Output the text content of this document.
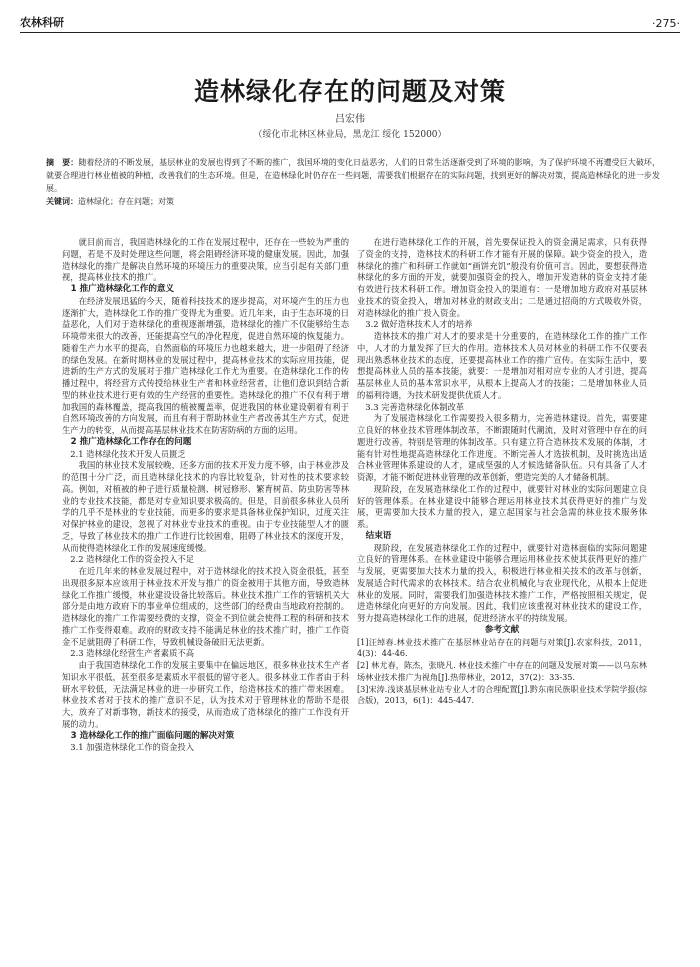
农林科研	·275·
造林绿化存在的问题及对策
吕宏伟
（绥化市北林区林业局，黑龙江 绥化 152000）
摘　要：随着经济的不断发展，基层林业的发展也得到了不断的推广，我国环境的变化日益恶劣，人们的日常生活逐渐受到了环境的影响，为了保护环境不再遭受巨大破坏，就要合理进行林业植被的种植，改善我们的生态环境。但是，在造林绿化时仍存在一些问题，需要我们根据存在的实际问题，找到更好的解决对策，提高造林绿化的进一步发展。
关键词：造林绿化；存在问题；对策

就目前而言，我国造林绿化的工作在发展过程中，还存在一些较为严重的问题，若是不及时处理这些问题，将会阻碍经济环境的健康发展。因此，加强造林绿化的推广是解决自然环境的环境压力的重要决策，应当引起有关部门重视，提高林业技术的推广。

1 推广造林绿化工作的意义

在经济发展迅猛的今天，随着科技技术的逐步提高，对环境产生的压力也逐渐扩大，造林绿化工作的推广变得尤为重要。近几年来，由于生态环境的日益恶化，人们对于造林绿化的重视逐渐增强，造林绿化的推广不仅能够给生态环境带来很大的改善，还能提高空气的净化程度，促进自然环境的恢复能力。随着生产力水平的提高，自然面临的环境压力也越来越大，进一步阻碍了经济的绿色发展。在新时期林业的发展过程中，提高林业技术的实际应用技能，促进新的生产方式的发展对于推广造林绿化工作尤为重要。在造林绿化工作的传播过程中，将经营方式传授给林业生产者和林业经营者，让他们意识到结合新型的林业技术进行更有效的生产经营的重要性。造林绿化的推广不仅有利于增加我国的森林覆盖，提高我国的植被覆盖率，促进我国的林业建设朝着有利于自然环境改善的方向发展，而且有利于帮助林业生产者改善其生产方式，促进生产力的转变，从而提高基层林业技术在防害防病的方面的运用。

2 推广造林绿化工作存在的问题
2.1 造林绿化技术开发人员匮乏

我国的林业技术发展较晚，还多方面的技术开发力度不够，由于林业涉及的范围十分广泛，而且造林绿化技术的内容比较复杂，针对性的技术要求较高。例如，对植被的种子进行质量检测、树冠修形、繁育树苗、防虫防害等林业的专业技术技能，都是对专业知识要求极高的。但是，目前很多林业人员所学的几乎不是林业的专业技能，而更多的要求是具备林业保护知识，过度关注对保护林业的建设，忽视了对林业专业技术的重视。由于专业技能型人才的匮乏，导致了林业技术的推广工作进行比较困难，阻碍了林业技术的深度开发，从而使得造林绿化工作的发展速度缓慢。

2.2 造林绿化工作的资金投入不足

在近几年来的林业发展过程中，对于造林绿化的技术投入资金很低，甚至出现很多原本应该用于林业技术开发与推广的资金被用于其他方面，导致造林绿化工作推广缓慢，林业建设设备比较落后。林业技术推广工作的管辖机关大部分是由地方政府下的事业单位组成的，这些部门的经费由当地政府控制的。造林绿化的推广工作需要经费的支撑，资金不到位就会使得工程的科研和技术推广工作变得艰难。政府的财政支持不能满足林业的技术推广时，推广工作资金不足就阻碍了科研工作，导致机械设备破旧无法更新。

2.3 造林绿化经营生产者素质不高

由于我国造林绿化工作的发展主要集中在偏远地区，很多林业技术生产者知识水平很低，甚至很多是素质水平很低的留守老人。很多林业工作者由于科研水平较低，无法满足林业的进一步研究工作，给造林技术的推广带来困难。林业技术者对于技术的推广意识不足，认为技术对于管理林业的帮助不是很大，放弃了对新事物，新技术的接受，从而造成了造林绿化的推广工作没有开展的动力。

3 造林绿化工作的推广面临问题的解决对策
3.1 加强造林绿化工作的资金投入

在进行造林绿化工作的开展，首先要保证投入的资金满足需求，只有获得了资金的支持，造林技术的科研工作才能有开展的保障。缺少资金的投入，造林绿化的推广和科研工作就如“画饼充饥”般没有价值可言。因此，要想获得造林绿化的多方面的开发，就要加强资金的投入，增加开发造林的资金支持才能有效进行技术科研工作。增加资金投入的渠道有：一是增加地方政府对基层林业技术的资金投入，增加对林业的财政支出；二是通过招商的方式吸收外资，对造林绿化的推广投入资金。

3.2 做好造林技术人才的培养

造林技术的推广对人才的要求是十分重要的，在造林绿化工作的推广工作中，人才的力量发挥了巨大的作用。造林技术人员对林业的科研工作不仅要表现出熟悉林业技术的态度，还要提高林业工作的推广宣传。在实际生活中，要想提高林业人员的基本技能，就要：一是增加对相对应专业的人才引进，提高基层林业人员的基本常识水平，从根本上提高人才的技能；二是增加林业人员的福利待遇，为技术研发提供优质人才。

3.3 完善造林绿化体制改革

为了发展造林绿化工作需要投入很多精力，完善造林建设。首先，需要建立良好的林业技术管理体制改革，不断跟随时代潮流，及时对管理中存在的问题进行改善，特别是管理的体制改革。只有建立符合造林技术发展的体制，才能有针对性地提高造林绿化工作进度。不断完善人才选拔机制，及时挑选出适合林业管理体系建设的人才，建成坚强的人才候选储备队伍。只有具备了人才资源，才能不断促进林业管理的改革创新，塑造完美的人才储备机制。

现阶段，在发展造林绿化工作的过程中，就要针对林业的实际问题建立良好的管理体系。在林业建设中能够合理运用林业技术其获得更好的推广与发展，更需要加大技术力量的投入，建立起国家与社会急需的林业技术服务体系。

结束语

现阶段，在发展造林绿化工作的过程中，就要针对造林面临的实际问题建立良好的管理体系。在林业建设中能够合理运用林业技术使其获得更好的推广与发展，更需要加大技术力量的投入，积极进行林业相关技术的改革与创新，发展适合时代需求的农林技术。结合农业机械化与农业现代化，从根本上促进林业的发展。同时，需要我们加强造林技术推广工作，严格按照相关规定，促进造林绿化向更好的方向发展。因此，我们应该重视对林业技术的建设工作，努力提高造林绿化工作的进展，促进经济水平的持续发展。

参考文献

[1]汪绰春.林业技术推广在基层林业站存在的问题与对策[J].农家科技，2011，4(3)：44-46.

[2] 林尤春，陈杰，张晓凡. 林业技术推广中存在的问题及发展对策——以乌东林场林业技术推广为视角[J].热带林业，2012，37(2)：33-35.

[3]宋涛.浅谈基层林业站专业人才的合理配置[J].黔东南民族职业技术学院学报(综合版)，2013，6(1)：445-447.
